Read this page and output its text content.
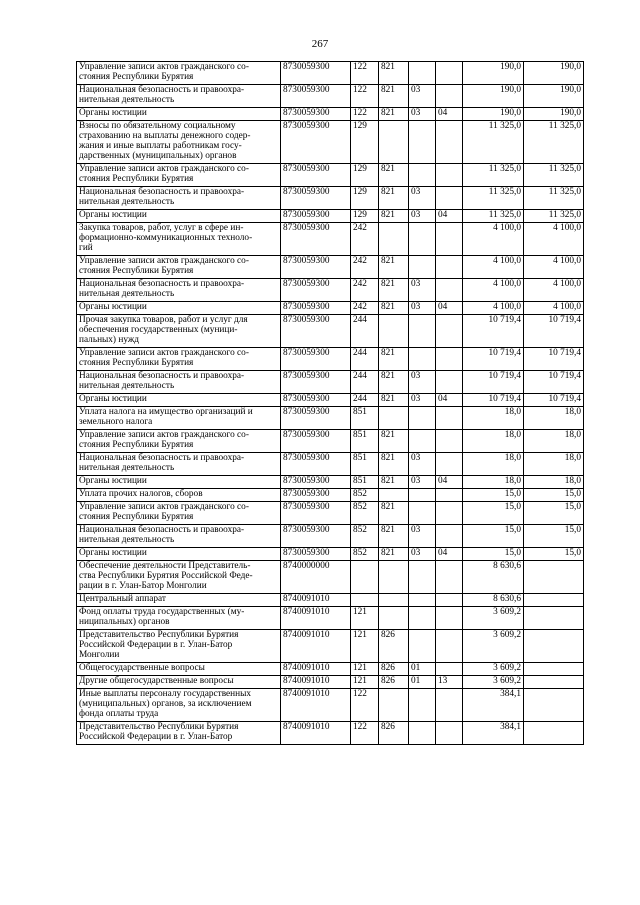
267
Управление записи актов гражданского со-
стояния Республики Бурятия	8730059300	122	821			190,0	190,0
Национальная безопасность и правоохра-
нительная деятельность	8730059300	122	821	03		190,0	190,0
Органы юстиции	8730059300	122	821	03	04	190,0	190,0
Взносы по обязательному социальному
страхованию на выплаты денежного содер-
жания и иные выплаты работникам госу-
дарственных (муниципальных) органов	8730059300	129				11 325,0	11 325,0
Управление записи актов гражданского со-
стояния Республики Бурятия	8730059300	129	821			11 325,0	11 325,0
Национальная безопасность и правоохра-
нительная деятельность	8730059300	129	821	03		11 325,0	11 325,0
Органы юстиции	8730059300	129	821	03	04	11 325,0	11 325,0
Закупка товаров, работ, услуг в сфере ин-
формационно-коммуникационных техноло-
гий	8730059300	242				4 100,0	4 100,0
Управление записи актов гражданского со-
стояния Республики Бурятия	8730059300	242	821			4 100,0	4 100,0
Национальная безопасность и правоохра-
нительная деятельность	8730059300	242	821	03		4 100,0	4 100,0
Органы юстиции	8730059300	242	821	03	04	4 100,0	4 100,0
Прочая закупка товаров, работ и услуг для
обеспечения государственных (муници-
пальных) нужд	8730059300	244				10 719,4	10 719,4
Управление записи актов гражданского со-
стояния Республики Бурятия	8730059300	244	821			10 719,4	10 719,4
Национальная безопасность и правоохра-
нительная деятельность	8730059300	244	821	03		10 719,4	10 719,4
Органы юстиции	8730059300	244	821	03	04	10 719,4	10 719,4
Уплата налога на имущество организаций и
земельного налога	8730059300	851				18,0	18,0
Управление записи актов гражданского со-
стояния Республики Бурятия	8730059300	851	821			18,0	18,0
Национальная безопасность и правоохра-
нительная деятельность	8730059300	851	821	03		18,0	18,0
Органы юстиции	8730059300	851	821	03	04	18,0	18,0
Уплата прочих налогов, сборов	8730059300	852				15,0	15,0
Управление записи актов гражданского со-
стояния Республики Бурятия	8730059300	852	821			15,0	15,0
Национальная безопасность и правоохра-
нительная деятельность	8730059300	852	821	03		15,0	15,0
Органы юстиции	8730059300	852	821	03	04	15,0	15,0
Обеспечение деятельности Представитель-
ства Республики Бурятия Российской Феде-
рации в г. Улан-Батор Монголии	8740000000					8 630,6	
Центральный аппарат	8740091010					8 630,6	
Фонд оплаты труда государственных (му-
ниципальных) органов	8740091010	121				3 609,2	
Представительство Республики Бурятия
Российской Федерации в г. Улан-Батор
Монголии	8740091010	121	826			3 609,2	
Общегосударственные вопросы	8740091010	121	826	01		3 609,2	
Другие общегосударственные вопросы	8740091010	121	826	01	13	3 609,2	
Иные выплаты персоналу государственных
(муниципальных) органов, за исключением
фонда оплаты труда	8740091010	122				384,1	
Представительство Республики Бурятия
Российской Федерации в г. Улан-Батор	8740091010	122	826			384,1	
